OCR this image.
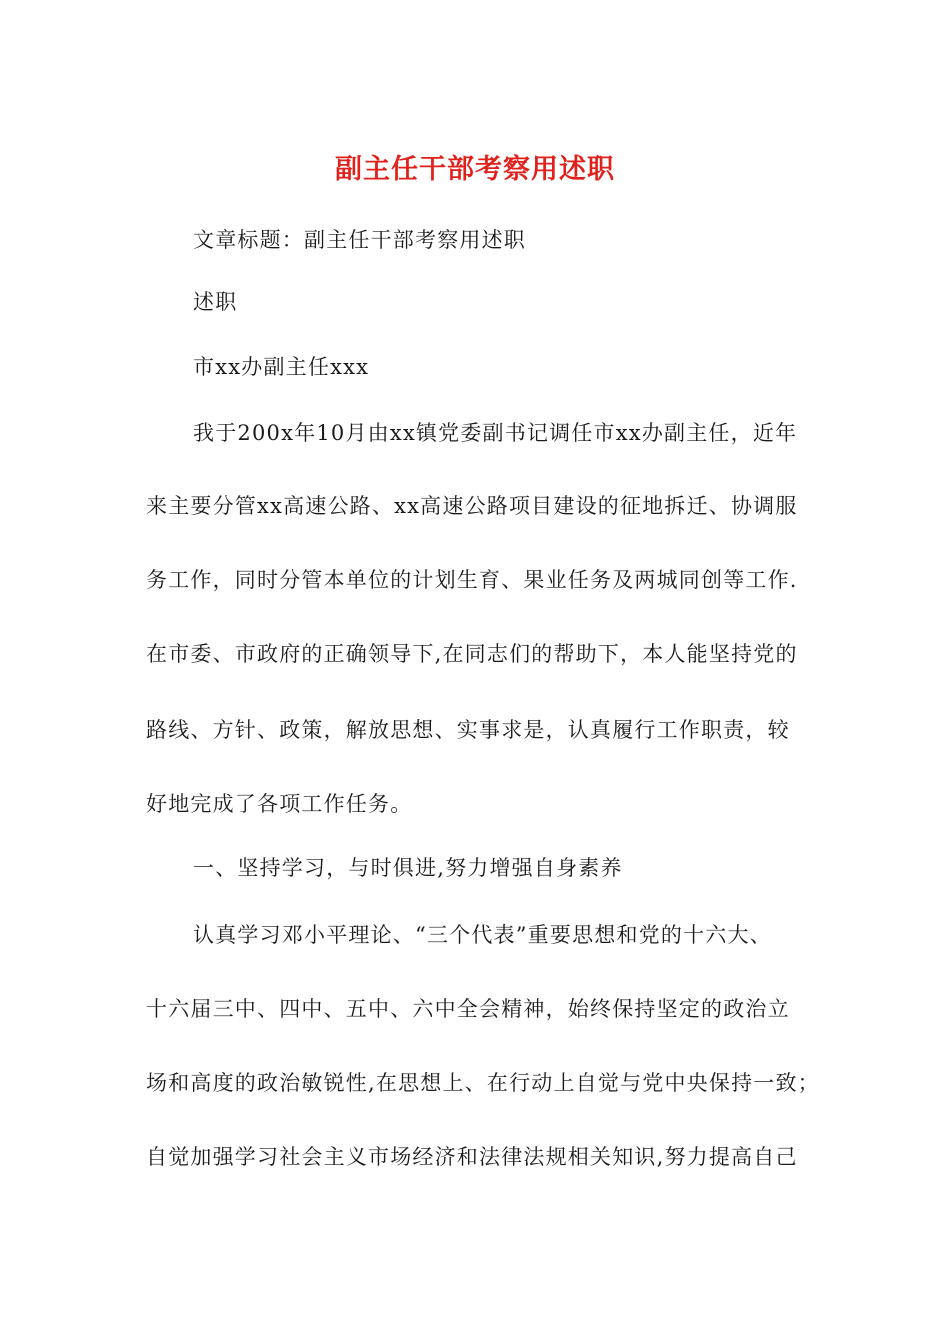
副主任干部考察用述职
文章标题：副主任干部考察用述职
述职
市xx办副主任xxx
我于200x年10月由xx镇党委副书记调任市xx办副主任，近年
来主要分管xx高速公路、xx高速公路项目建设的征地拆迁、协调服
务工作，同时分管本单位的计划生育、果业任务及两城同创等工作.
在市委、市政府的正确领导下,在同志们的帮助下，本人能坚持党的
路线、方针、政策，解放思想、实事求是，认真履行工作职责，较
好地完成了各项工作任务。
一、坚持学习，与时俱进,努力增强自身素养
认真学习邓小平理论、“三个代表”重要思想和党的十六大、
十六届三中、四中、五中、六中全会精神，始终保持坚定的政治立
场和高度的政治敏锐性,在思想上、在行动上自觉与党中央保持一致；
自觉加强学习社会主义市场经济和法律法规相关知识,努力提高自己
